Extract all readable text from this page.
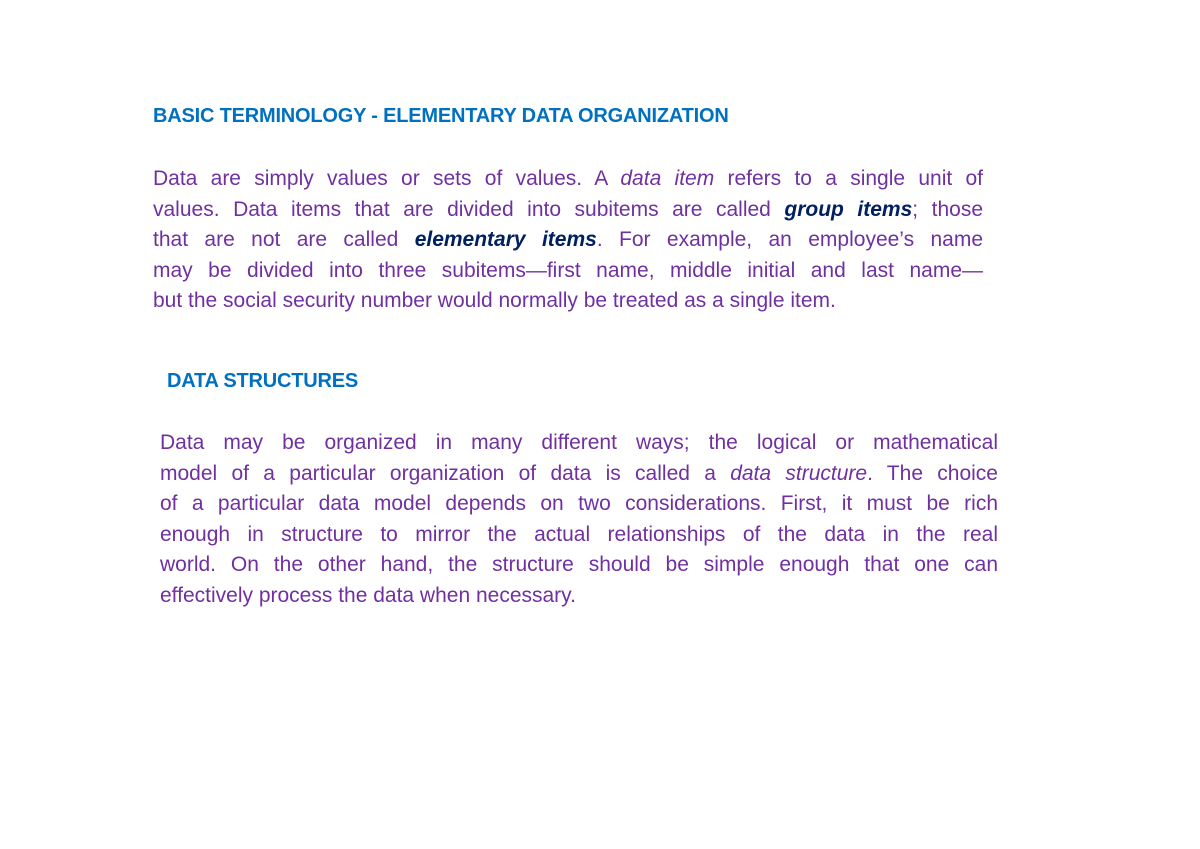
BASIC TERMINOLOGY - ELEMENTARY DATA ORGANIZATION
Data are simply values or sets of values. A data item refers to a single unit of
values. Data items that are divided into subitems are called group items; those
that are not are called elementary items. For example, an employee’s name
may be divided into three subitems—first name, middle initial and last name—
but the social security number would normally be treated as a single item.
DATA STRUCTURES
Data may be organized in many different ways; the logical or mathematical
model of a particular organization of data is called a data structure. The choice
of a particular data model depends on two considerations. First, it must be rich
enough in structure to mirror the actual relationships of the data in the real
world. On the other hand, the structure should be simple enough that one can
effectively process the data when necessary.
